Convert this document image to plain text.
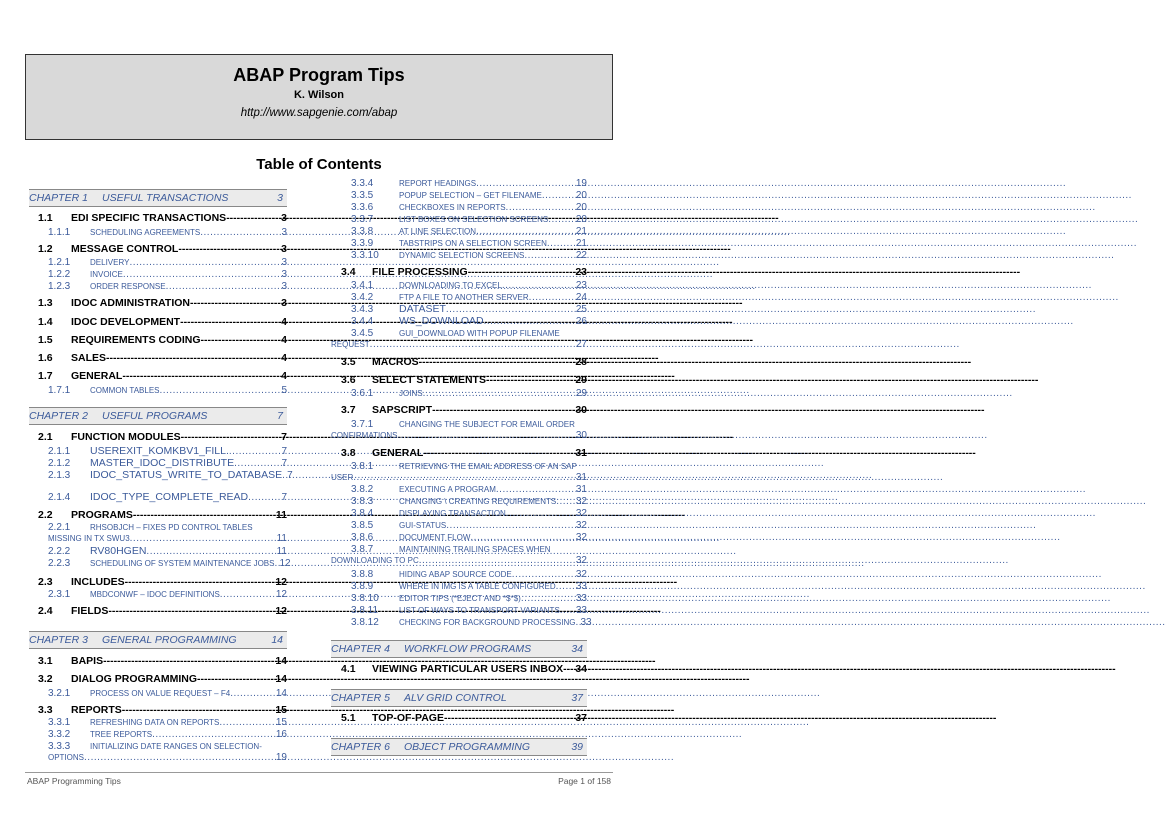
ABAP Program Tips
K. Wilson
http://www.sapgenie.com/abap
Table of Contents
CHAPTER 1	USEFUL TRANSACTIONS	3
1.1	EDI SPECIFIC TRANSACTIONS -----	3
1.1.1	SCHEDULING AGREEMENTS .....	3
1.2	MESSAGE CONTROL -----	3
1.2.1	DELIVERY .....	3
1.2.2	INVOICE .....	3
1.2.3	ORDER RESPONSE .....	3
1.3	IDOC ADMINISTRATION -----	3
1.4	IDOC DEVELOPMENT -----	4
1.5	REQUIREMENTS CODING -----	4
1.6	SALES -----	4
1.7	GENERAL -----	4
1.7.1	COMMON TABLES .....	5
CHAPTER 2	USEFUL PROGRAMS	7
2.1	FUNCTION MODULES -----	7
2.1.1	USEREXIT_KOMKBV1_FILL. .....	7
2.1.2	MASTER_IDOC_DISTRIBUTE .....	7
2.1.3	IDOC_STATUS_WRITE_TO_DATABASE ..... 7
2.1.4	IDOC_TYPE_COMPLETE_READ .....	7
2.2	PROGRAMS -----	11
2.2.1	RHSOBJCH – FIXES PD CONTROL TABLES
MISSING IN TX SWU3 .....	11
2.2.2	RV80HGEN .....	11
2.2.3	SCHEDULING OF SYSTEM MAINTENANCE JOBS ..... 12
2.3	INCLUDES -----	12
2.3.1	MBDCONWF – IDOC DEFINITIONS .....	12
2.4	FIELDS -----	12
CHAPTER 3	GENERAL PROGRAMMING	14
3.1	BAPIS -----	14
3.2	DIALOG PROGRAMMING -----	14
3.2.1	PROCESS ON VALUE REQUEST – F4 .....	14
3.3	REPORTS -----	15
3.3.1	REFRESHING DATA ON REPORTS .....	15
3.3.2	TREE REPORTS .....	16
3.3.3	INITIALIZING DATE RANGES ON SELECTION-
OPTIONS .....	19
3.3.4	REPORT HEADINGS .....	19
3.3.5	POPUP SELECTION – GET FILENAME .....	20
3.3.6	CHECKBOXES IN REPORTS .....	20
3.3.7	LIST BOXES ON SELECTION SCREENS .....	20
3.3.8	AT LINE SELECTION .....	21
3.3.9	TABSTRIPS ON A SELECTION SCREEN .....	21
3.3.10	DYNAMIC SELECTION SCREENS .....	22
3.4	FILE PROCESSING -----	23
3.4.1	DOWNLOADING TO EXCEL .....	23
3.4.2	FTP A FILE TO ANOTHER SERVER .....	24
3.4.3	DATASET .....	25
3.4.4	WS_DOWNLOAD .....	26
3.4.5	GUI_DOWNLOAD WITH POPUP FILENAME
REQUEST .....	27
3.5	MACROS -----	28
3.6	SELECT STATEMENTS -----	29
3.6.1	JOINS .....	29
3.7	SAPSCRIPT -----	30
3.7.1	CHANGING THE SUBJECT FOR EMAIL ORDER
CONFIRMATIONS .....	30
3.8	GENERAL -----	31
3.8.1	RETRIEVING THE EMAIL ADDRESS OF AN SAP
USER .....	31
3.8.2	EXECUTING A PROGRAM .....	31
3.8.3	CHANGING \ CREATING REQUIREMENTS ..... 32
3.8.4	DISPLAYING TRANSACTION .....	32
3.8.5	GUI-STATUS .....	32
3.8.6	DOCUMENT FLOW .....	32
3.8.7	MAINTAINING TRAILING SPACES WHEN
DOWNLOADING TO PC .....	32
3.8.8	HIDING ABAP SOURCE CODE .....	32
3.8.9	WHERE IN IMG IS A TABLE CONFIGURED ..... 33
3.8.10	EDITOR TIPS (*EJECT AND *$*$) .....	33
3.8.11	LIST OF WAYS TO TRANSPORT VARIANTS ..... 33
3.8.12	CHECKING FOR BACKGROUND PROCESSING ..... 33
CHAPTER 4	WORKFLOW PROGRAMS	34
4.1	VIEWING PARTICULAR USERS INBOX ----- 34
CHAPTER 5	ALV GRID CONTROL	37
5.1	TOP-OF-PAGE -----	37
CHAPTER 6	OBJECT PROGRAMMING	39
ABAP Programming Tips	Page 1 of 158
